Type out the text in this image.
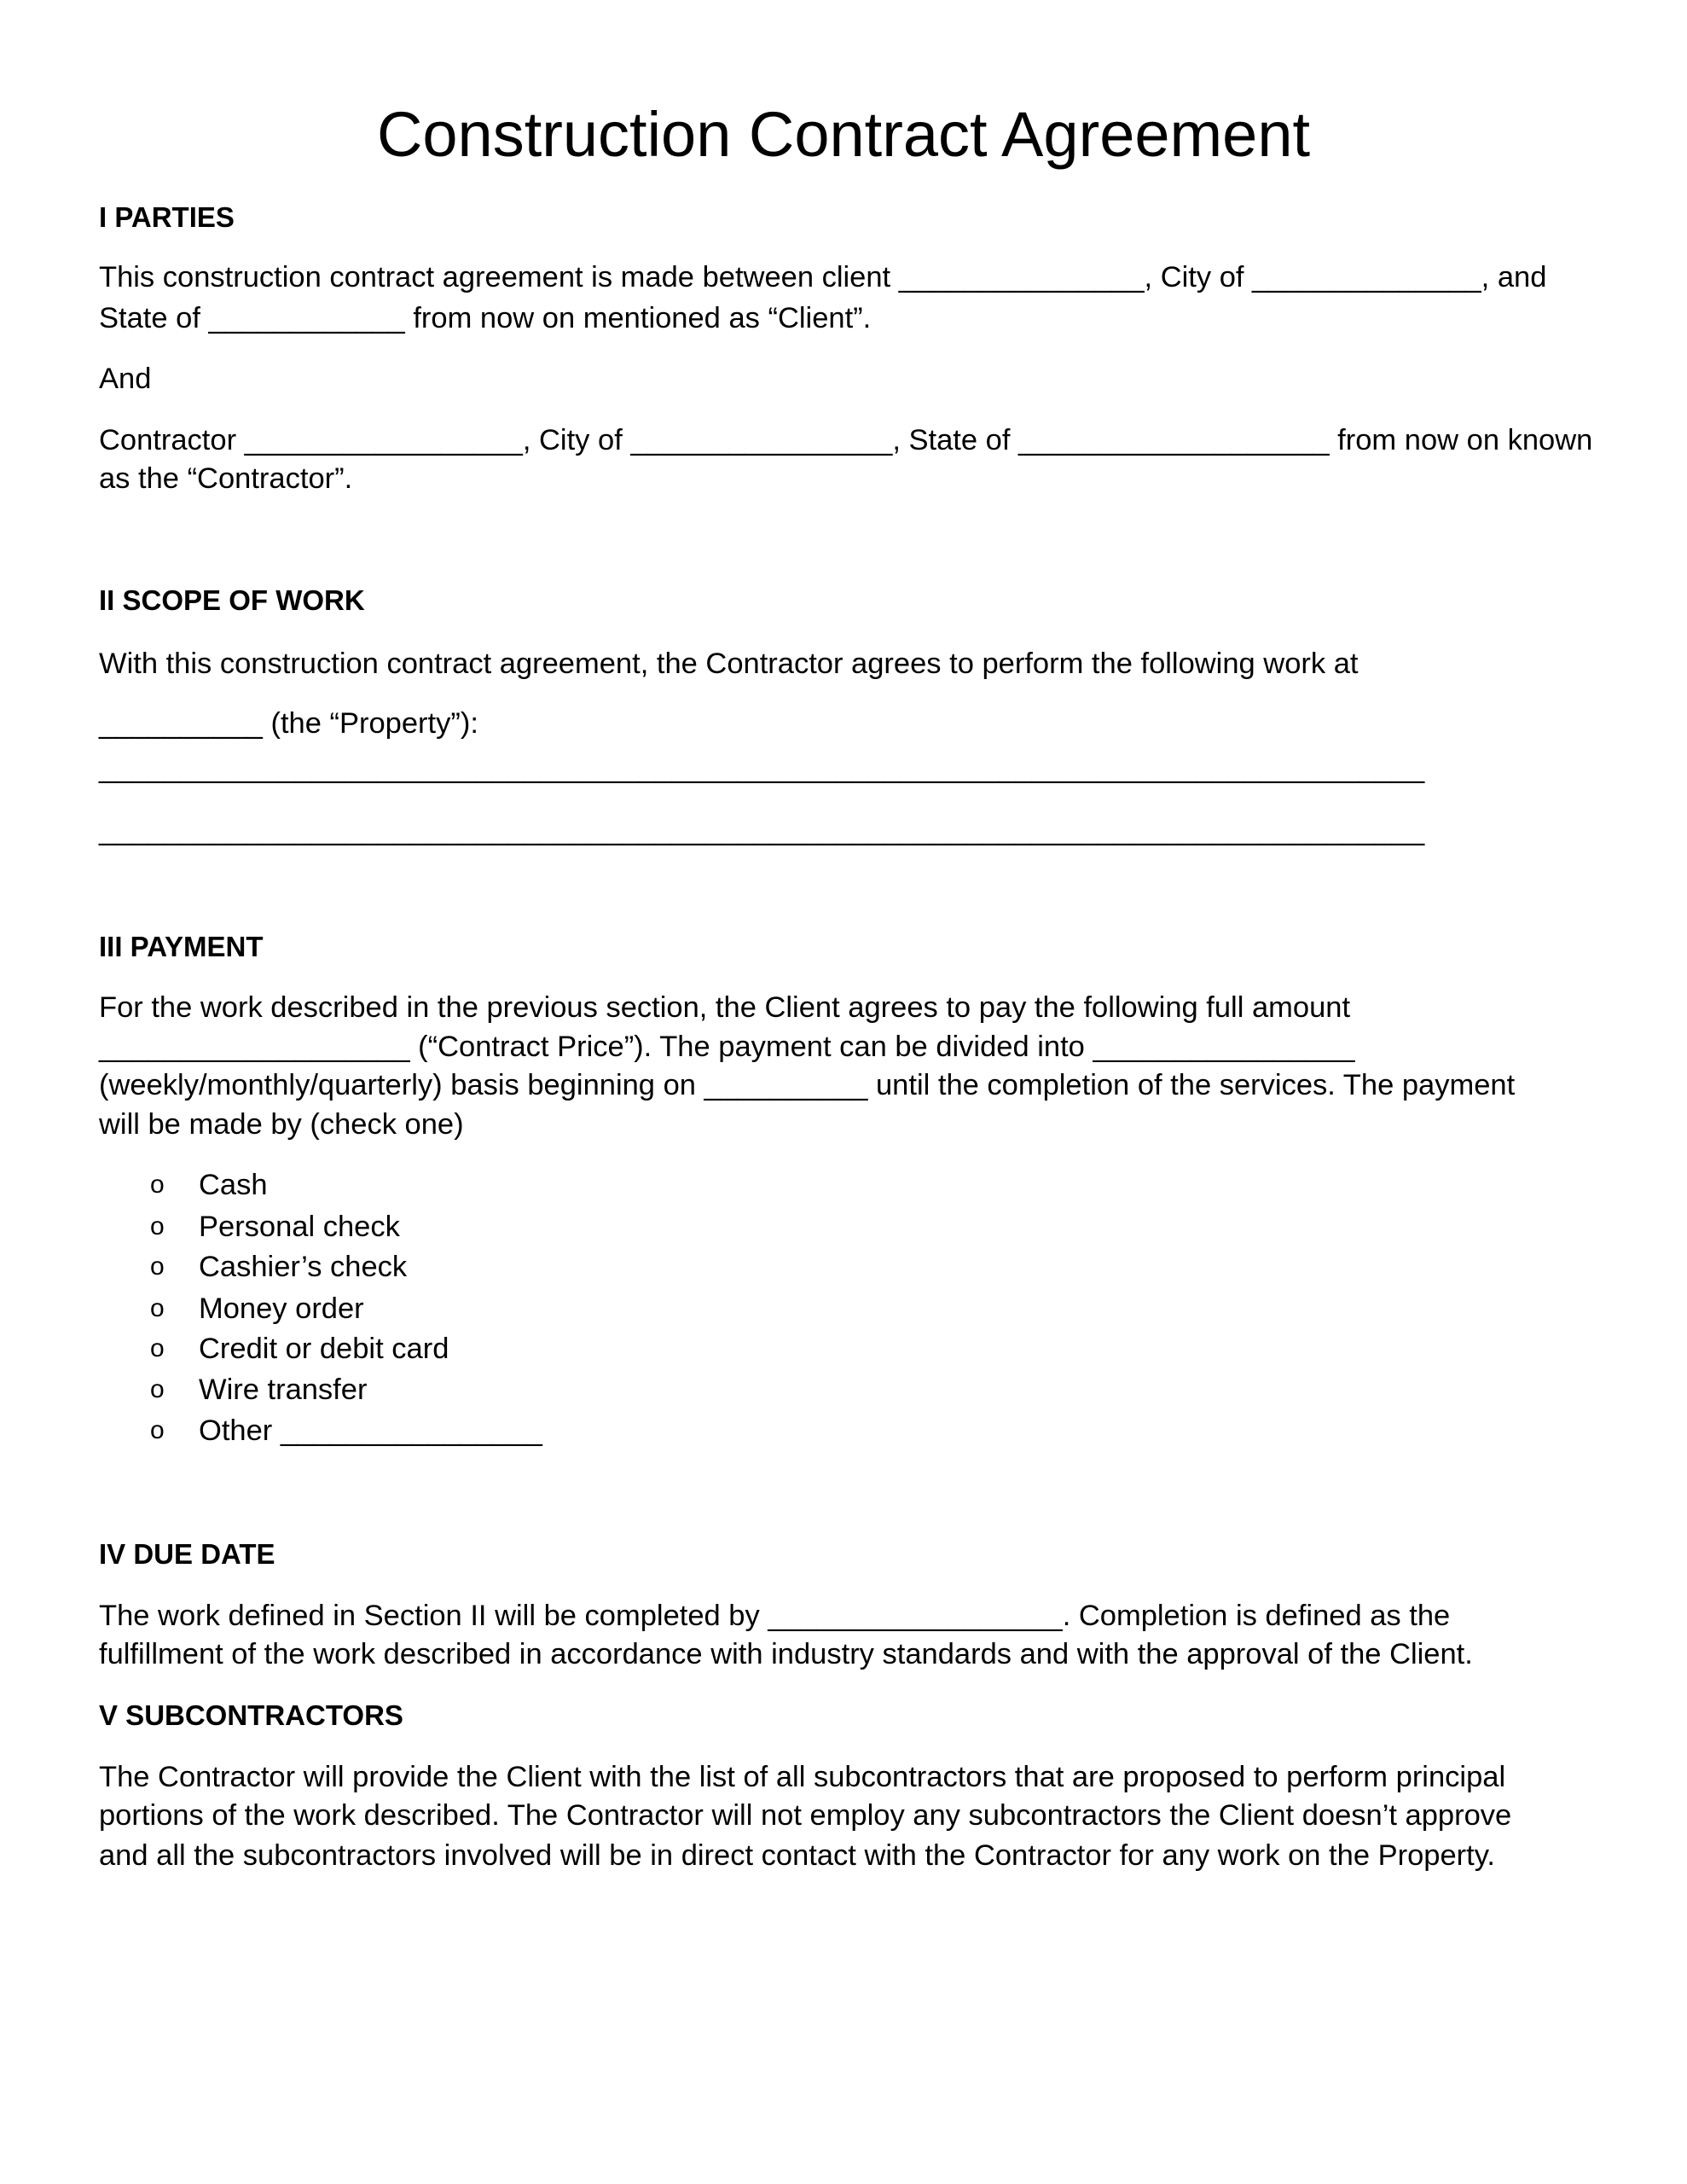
Construction Contract Agreement
I PARTIES
This construction contract agreement is made between client _______________, City of ______________, and
State of ____________ from now on mentioned as “Client”.
And
Contractor _________________, City of ________________, State of ___________________ from now on known
as the “Contractor”.
II SCOPE OF WORK
With this construction contract agreement, the Contractor agrees to perform the following work at
__________ (the “Property”):
_________________________________________________________________________________
_________________________________________________________________________________
III PAYMENT
For the work described in the previous section, the Client agrees to pay the following full amount
___________________ (“Contract Price”). The payment can be divided into ________________
(weekly/monthly/quarterly) basis beginning on __________ until the completion of the services. The payment
will be made by (check one)
o Cash
o Personal check
o Cashier’s check
o Money order
o Credit or debit card
o Wire transfer
o Other ________________
IV DUE DATE
The work defined in Section II will be completed by __________________. Completion is defined as the
fulfillment of the work described in accordance with industry standards and with the approval of the Client.
V SUBCONTRACTORS
The Contractor will provide the Client with the list of all subcontractors that are proposed to perform principal
portions of the work described. The Contractor will not employ any subcontractors the Client doesn’t approve
and all the subcontractors involved will be in direct contact with the Contractor for any work on the Property.
